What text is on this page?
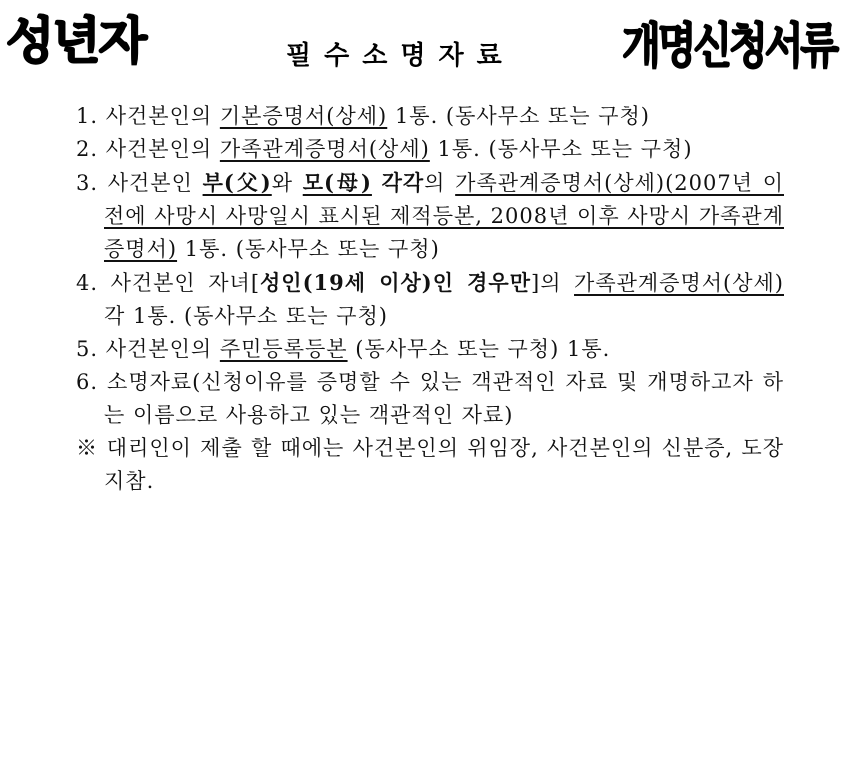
성년자	필수소명자료	개명신청서류
1. 사건본인의 기본증명서(상세) 1통. (동사무소 또는 구청)
2. 사건본인의 가족관계증명서(상세) 1통. (동사무소 또는 구청)
3. 사건본인 부(父)와 모(母) 각각의 가족관계증명서(상세)(2007년 이전에 사망시 사망일시 표시된 제적등본, 2008년 이후 사망시 가족관계증명서) 1통. (동사무소 또는 구청)
4. 사건본인 자녀[성인(19세 이상)인 경우만]의 가족관계증명서(상세) 각 1통. (동사무소 또는 구청)
5. 사건본인의 주민등록등본 (동사무소 또는 구청) 1통.
6. 소명자료(신청이유를 증명할 수 있는 객관적인 자료 및 개명하고자 하는 이름으로 사용하고 있는 객관적인 자료)
※ 대리인이 제출 할 때에는 사건본인의 위임장, 사건본인의 신분증, 도장 지참.
